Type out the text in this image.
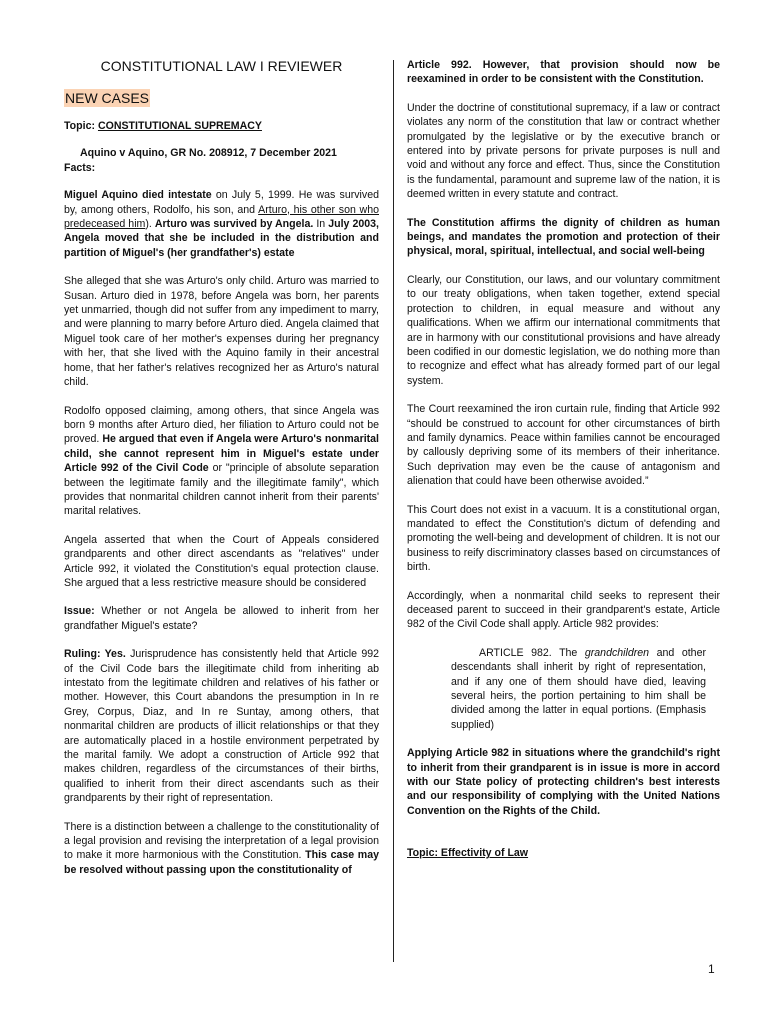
CONSTITUTIONAL LAW I REVIEWER

NEW CASES

Topic: CONSTITUTIONAL SUPREMACY

Aquino v Aquino, GR No. 208912, 7 December 2021

Facts:

Miguel Aquino died intestate on July 5, 1999. He was survived by, among others, Rodolfo, his son, and Arturo, his other son who predeceased him). Arturo was survived by Angela. In July 2003, Angela moved that she be included in the distribution and partition of Miguel's (her grandfather's) estate

She alleged that she was Arturo's only child. Arturo was married to Susan. Arturo died in 1978, before Angela was born, her parents yet unmarried, though did not suffer from any impediment to marry, and were planning to marry before Arturo died. Angela claimed that Miguel took care of her mother's expenses during her pregnancy with her, that she lived with the Aquino family in their ancestral home, that her father's relatives recognized her as Arturo's natural child.

Rodolfo opposed claiming, among others, that since Angela was born 9 months after Arturo died, her filiation to Arturo could not be proved. He argued that even if Angela were Arturo's nonmarital child, she cannot represent him in Miguel's estate under Article 992 of the Civil Code or "principle of absolute separation between the legitimate family and the illegitimate family", which provides that nonmarital children cannot inherit from their parents' marital relatives.

Angela asserted that when the Court of Appeals considered grandparents and other direct ascendants as "relatives" under Article 992, it violated the Constitution's equal protection clause. She argued that a less restrictive measure should be considered

Issue: Whether or not Angela be allowed to inherit from her grandfather Miguel's estate?

Ruling: Yes. Jurisprudence has consistently held that Article 992 of the Civil Code bars the illegitimate child from inheriting ab intestato from the legitimate children and relatives of his father or mother. However, this Court abandons the presumption in In re Grey, Corpus, Diaz, and In re Suntay, among others, that nonmarital children are products of illicit relationships or that they are automatically placed in a hostile environment perpetrated by the marital family. We adopt a construction of Article 992 that makes children, regardless of the circumstances of their births, qualified to inherit from their direct ascendants such as their grandparents by their right of representation.

There is a distinction between a challenge to the constitutionality of a legal provision and revising the interpretation of a legal provision to make it more harmonious with the Constitution. This case may be resolved without passing upon the constitutionality of

Article 992. However, that provision should now be reexamined in order to be consistent with the Constitution.

Under the doctrine of constitutional supremacy, if a law or contract violates any norm of the constitution that law or contract whether promulgated by the legislative or by the executive branch or entered into by private persons for private purposes is null and void and without any force and effect. Thus, since the Constitution is the fundamental, paramount and supreme law of the nation, it is deemed written in every statute and contract.

The Constitution affirms the dignity of children as human beings, and mandates the promotion and protection of their physical, moral, spiritual, intellectual, and social well-being

Clearly, our Constitution, our laws, and our voluntary commitment to our treaty obligations, when taken together, extend special protection to children, in equal measure and without any qualifications. When we affirm our international commitments that are in harmony with our constitutional provisions and have already been codified in our domestic legislation, we do nothing more than to recognize and effect what has already formed part of our legal system.

The Court reexamined the iron curtain rule, finding that Article 992 “should be construed to account for other circumstances of birth and family dynamics. Peace within families cannot be encouraged by callously depriving some of its members of their inheritance. Such deprivation may even be the cause of antagonism and alienation that could have been otherwise avoided.”

This Court does not exist in a vacuum. It is a constitutional organ, mandated to effect the Constitution's dictum of defending and promoting the well-being and development of children. It is not our business to reify discriminatory classes based on circumstances of birth.

Accordingly, when a nonmarital child seeks to represent their deceased parent to succeed in their grandparent's estate, Article 982 of the Civil Code shall apply. Article 982 provides:

ARTICLE 982. The grandchildren and other descendants shall inherit by right of representation, and if any one of them should have died, leaving several heirs, the portion pertaining to him shall be divided among the latter in equal portions. (Emphasis supplied)

Applying Article 982 in situations where the grandchild's right to inherit from their grandparent is in issue is more in accord with our State policy of protecting children's best interests and our responsibility of complying with the United Nations Convention on the Rights of the Child.

Topic: Effectivity of Law

1
